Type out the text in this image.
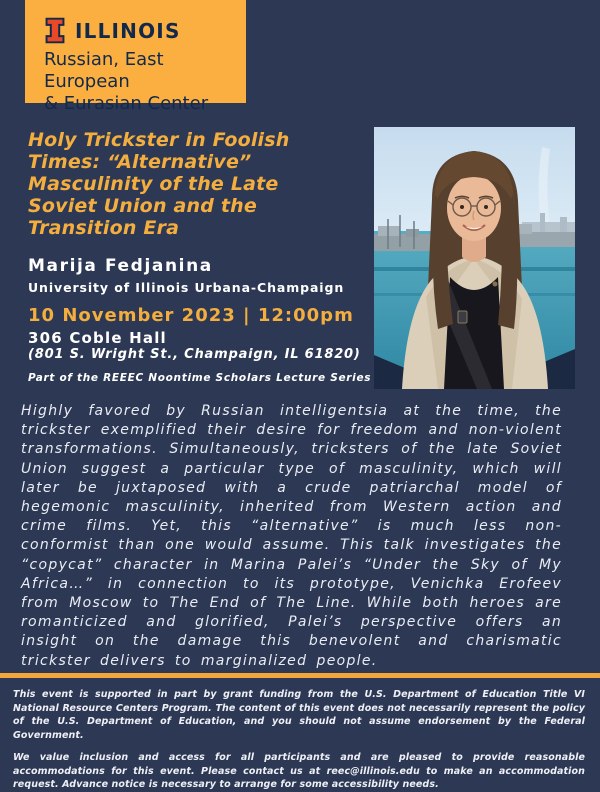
ILLINOIS
Russian, East European
& Eurasian Center
Holy Trickster in Foolish Times: “Alternative” Masculinity of the Late Soviet Union and the Transition Era
Marija Fedjanina
University of Illinois Urbana-Champaign
10 November 2023 | 12:00pm
306 Coble Hall
(801 S. Wright St., Champaign, IL 61820)
Part of the REEEC Noontime Scholars Lecture Series

Highly favored by Russian intelligentsia at the time, the trickster exemplified their desire for freedom and non-violent transformations. Simultaneously, tricksters of the late Soviet Union suggest a particular type of masculinity, which will later be juxtaposed with a crude patriarchal model of hegemonic masculinity, inherited from Western action and crime films. Yet, this “alternative” is much less non-conformist than one would assume. This talk investigates the “copycat” character in Marina Palei’s “Under the Sky of My Africa…” in connection to its prototype, Venichka Erofeev from Moscow to The End of The Line. While both heroes are romanticized and glorified, Palei’s perspective offers an insight on the damage this benevolent and charismatic trickster delivers to marginalized people.

This event is supported in part by grant funding from the U.S. Department of Education Title VI National Resource Centers Program. The content of this event does not necessarily represent the policy of the U.S. Department of Education, and you should not assume endorsement by the Federal Government.

We value inclusion and access for all participants and are pleased to provide reasonable accommodations for this event. Please contact us at reec@illinois.edu to make an accommodation request. Advance notice is necessary to arrange for some accessibility needs.
